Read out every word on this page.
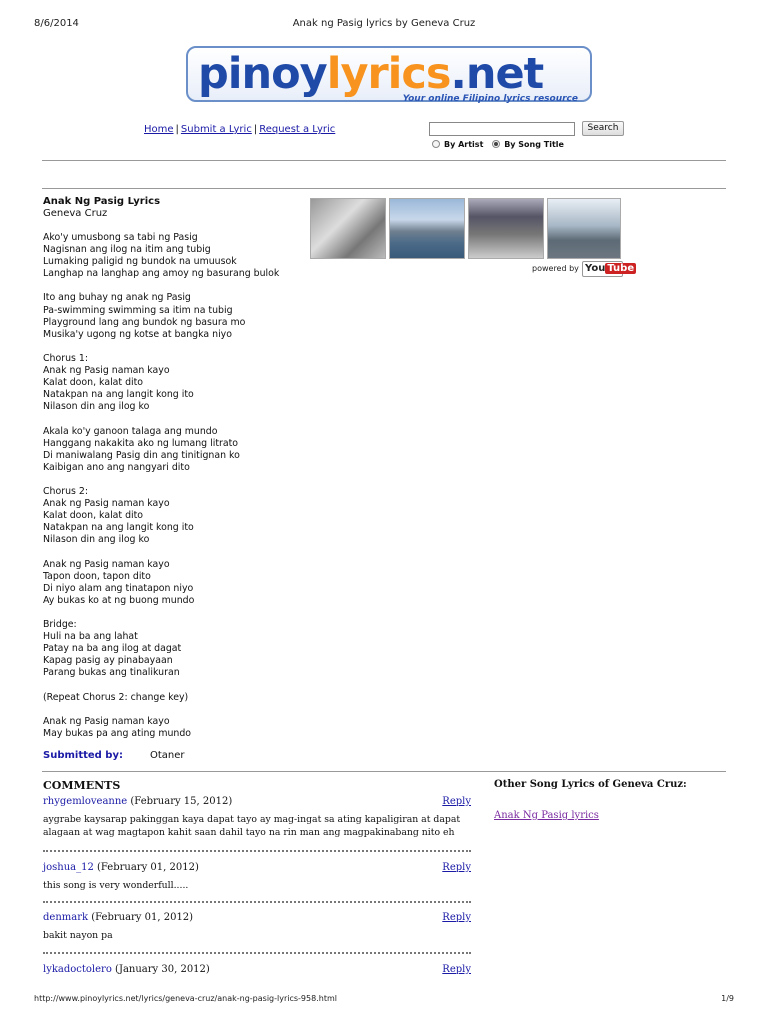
8/6/2014	Anak ng Pasig lyrics by Geneva Cruz
pinoylyrics.net
Your online Filipino lyrics resource
Home | Submit a Lyric | Request a Lyric	Search
By Artist	By Song Title
Anak Ng Pasig Lyrics
Geneva Cruz
Ako'y umusbong sa tabi ng Pasig
Nagisnan ang ilog na itim ang tubig
Lumaking paligid ng bundok na umuusok
Langhap na langhap ang amoy ng basurang bulok

Ito ang buhay ng anak ng Pasig
Pa-swimming swimming sa itim na tubig
Playground lang ang bundok ng basura mo
Musika'y ugong ng kotse at bangka niyo

Chorus 1:
Anak ng Pasig naman kayo
Kalat doon, kalat dito
Natakpan na ang langit kong ito
Nilason din ang ilog ko

Akala ko'y ganoon talaga ang mundo
Hanggang nakakita ako ng lumang litrato
Di maniwalang Pasig din ang tinitignan ko
Kaibigan ano ang nangyari dito

Chorus 2:
Anak ng Pasig naman kayo
Kalat doon, kalat dito
Natakpan na ang langit kong ito
Nilason din ang ilog ko

Anak ng Pasig naman kayo
Tapon doon, tapon dito
Di niyo alam ang tinatapon niyo
Ay bukas ko at ng buong mundo

Bridge:
Huli na ba ang lahat
Patay na ba ang ilog at dagat
Kapag pasig ay pinabayaan
Parang bukas ang tinalikuran

(Repeat Chorus 2: change key)

Anak ng Pasig naman kayo
May bukas pa ang ating mundo
powered by You Tube
Submitted by:	Otaner
COMMENTS
rhygemloveanne (February 15, 2012)	Reply
aygrabe kaysarap pakinggan kaya dapat tayo ay mag-ingat sa ating kapaligiran at dapat alagaan at wag magtapon kahit saan dahil tayo na rin man ang magpakinabang nito eh
joshua_12 (February 01, 2012)	Reply
this song is very wonderfull.....
denmark (February 01, 2012)	Reply
bakit nayon pa
lykadoctolero (January 30, 2012)	Reply
Other Song Lyrics of Geneva Cruz:
Anak Ng Pasig lyrics
http://www.pinoylyrics.net/lyrics/geneva-cruz/anak-ng-pasig-lyrics-958.html	1/9
